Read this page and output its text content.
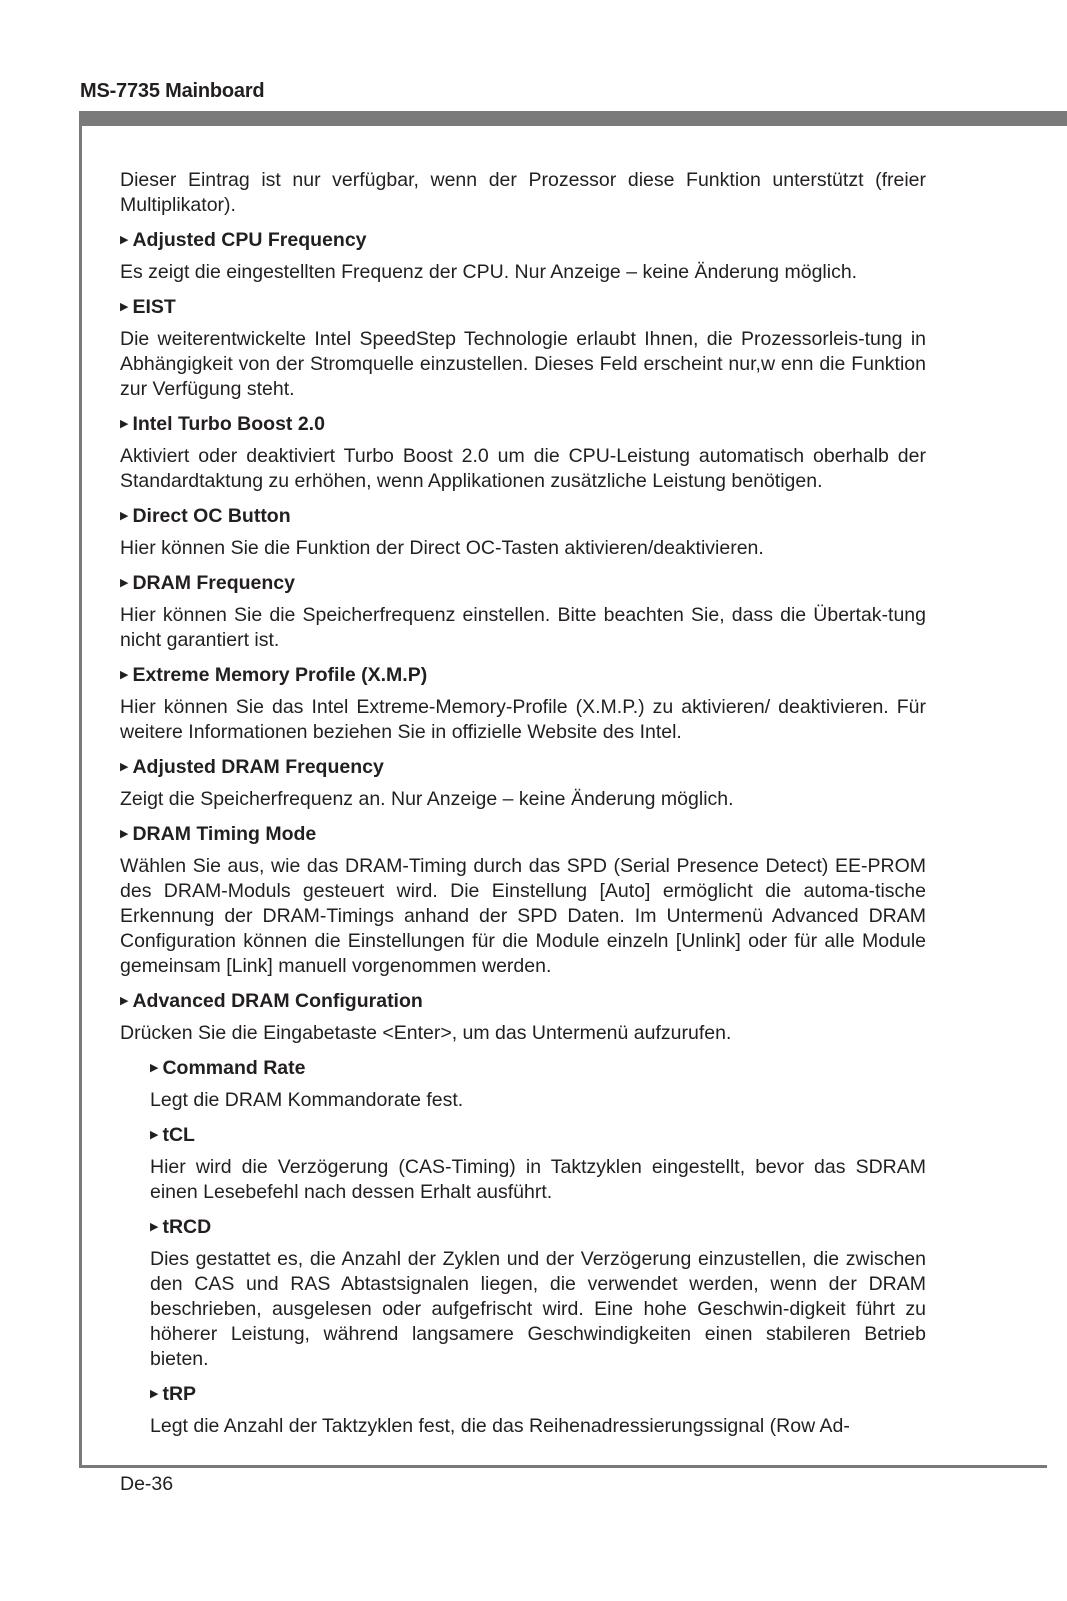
MS-7735 Mainboard

Dieser Eintrag ist nur verfügbar, wenn der Prozessor diese Funktion unterstützt (freier Multiplikator).

▶ Adjusted CPU Frequency

Es zeigt die eingestellten Frequenz der CPU. Nur Anzeige – keine Änderung möglich.

▶ EIST

Die weiterentwickelte Intel SpeedStep Technologie erlaubt Ihnen, die Prozessorleis-tung in Abhängigkeit von der Stromquelle einzustellen. Dieses Feld erscheint nur,w enn die Funktion zur Verfügung steht.

▶ Intel Turbo Boost 2.0

Aktiviert oder deaktiviert Turbo Boost 2.0 um die CPU-Leistung automatisch oberhalb der Standardtaktung zu erhöhen, wenn Applikationen zusätzliche Leistung benötigen.

▶ Direct OC Button

Hier können Sie die Funktion der Direct OC-Tasten aktivieren/deaktivieren.

▶ DRAM Frequency

Hier können Sie die Speicherfrequenz einstellen. Bitte beachten Sie, dass die Übertak-tung nicht garantiert ist.

▶ Extreme Memory Profile (X.M.P)

Hier können Sie das Intel Extreme-Memory-Profile (X.M.P.) zu aktivieren/ deaktivieren. Für weitere Informationen beziehen Sie in offizielle Website des Intel.

▶ Adjusted DRAM Frequency

Zeigt die Speicherfrequenz an. Nur Anzeige – keine Änderung möglich.

▶ DRAM Timing Mode

Wählen Sie aus, wie das DRAM-Timing durch das SPD (Serial Presence Detect) EE-PROM des DRAM-Moduls gesteuert wird. Die Einstellung [Auto] ermöglicht die automa-tische Erkennung der DRAM-Timings anhand der SPD Daten. Im Untermenü Advanced DRAM Configuration können die Einstellungen für die Module einzeln [Unlink] oder für alle Module gemeinsam [Link] manuell vorgenommen werden.

▶ Advanced DRAM Configuration

Drücken Sie die Eingabetaste <Enter>, um das Untermenü aufzurufen.

▶ Command Rate

Legt die DRAM Kommandorate fest.

▶ tCL

Hier wird die Verzögerung (CAS-Timing) in Taktzyklen eingestellt, bevor das SDRAM einen Lesebefehl nach dessen Erhalt ausführt.

▶ tRCD

Dies gestattet es, die Anzahl der Zyklen und der Verzögerung einzustellen, die zwischen den CAS und RAS Abtastsignalen liegen, die verwendet werden, wenn der DRAM beschrieben, ausgelesen oder aufgefrischt wird. Eine hohe Geschwin-digkeit führt zu höherer Leistung, während langsamere Geschwindigkeiten einen stabileren Betrieb bieten.

▶ tRP

Legt die Anzahl der Taktzyklen fest, die das Reihenadressierungssignal (Row Ad-

De-36
